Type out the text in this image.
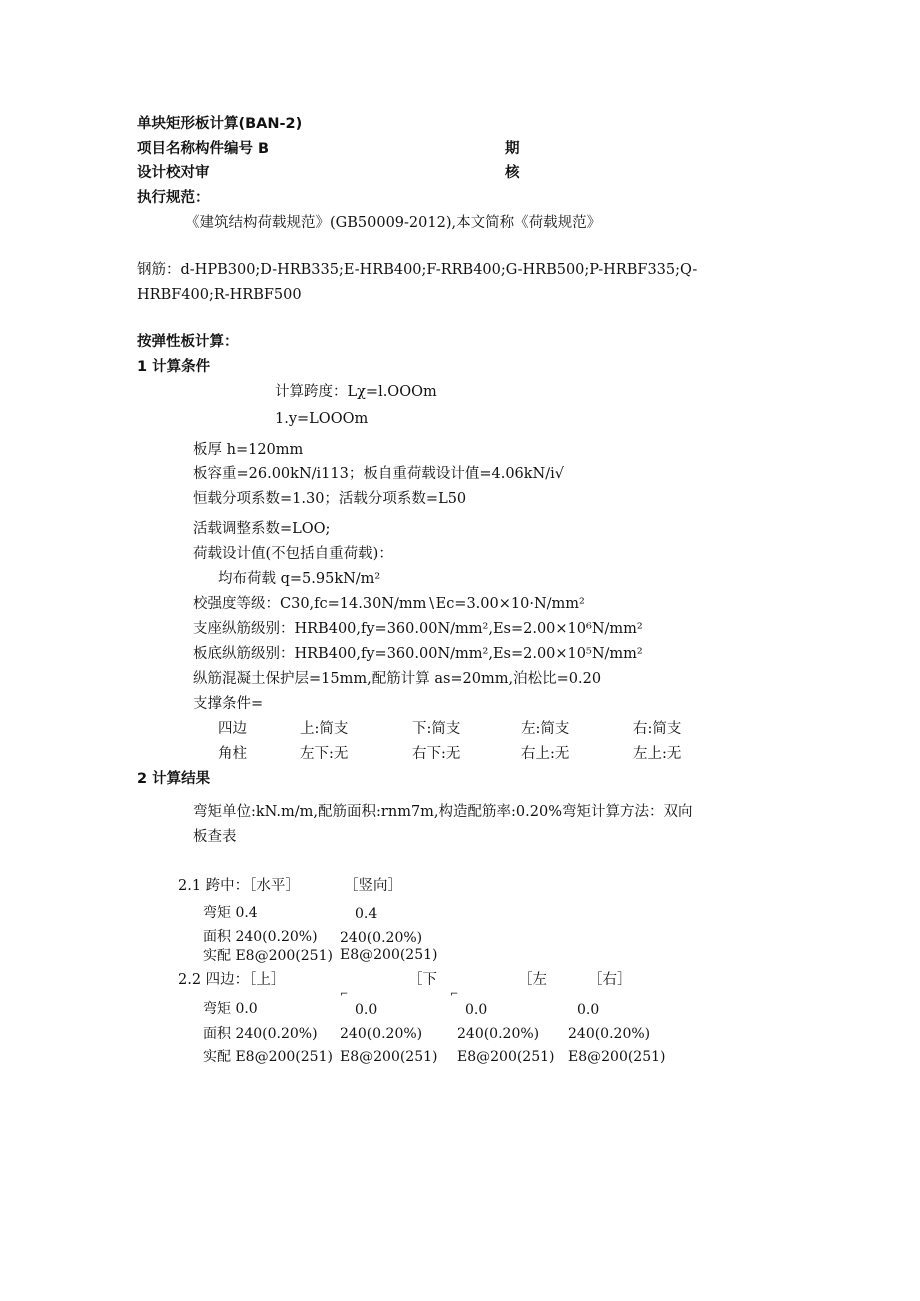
单块矩形板计算(BAN-2)
项目名称构件编号 B	期
设计校对审	核
执行规范：
《建筑结构荷载规范》(GB50009-2012),本文简称《荷载规范》
钢筋：d-HPB300;D-HRB335;E-HRB400;F-RRB400;G-HRB500;P-HRBF335;Q-
HRBF400;R-HRBF500
按弹性板计算：
1 计算条件
计算跨度：Lχ=l.OOOm
1.y=LOOOm
板厚 h=120mm
板容重=26.00kN∕i113；板自重荷载设计值=4.06kN∕i√
恒载分项系数=1.30；活载分项系数=L50
活载调整系数=LOO;
荷载设计值(不包括自重荷载)：
均布荷载 q=5.95kN∕m²
校强度等级：C30,fc=14.30N∕mm∖Ec=3.00×10·N∕mm²
支座纵筋级别：HRB400,fy=360.00N∕mm²,Es=2.00×10⁶N∕mm²
板底纵筋级别：HRB400,fy=360.00N∕mm²,Es=2.00×10⁵N∕mm²
纵筋混凝土保护层=15mm,配筋计算 as=20mm,泊松比=0.20
支撑条件=
四边	上:简支	下:简支	左:简支	右:简支
角柱	左下:无	右下:无	右上:无	左上:无
2 计算结果
弯矩单位:kN.m∕m,配筋面积:rnm7m,构造配筋率:0.20%弯矩计算方法：双向
板查表
2.1 跨中：［水平］	［竖向］
弯矩 0.4	0.4
面积 240(0.20%) 240(0.20%)
实配 E8@200(251) E8@200(251)
2.2 四边：［上］	［下	［左	［右］
⌐	⌐
弯矩 0.0	0.0	0.0	0.0
面积 240(0.20%) 240(0.20%) 240(0.20%) 240(0.20%)
实配 E8@200(251) E8@200(251) E8@200(251) E8@200(251)
